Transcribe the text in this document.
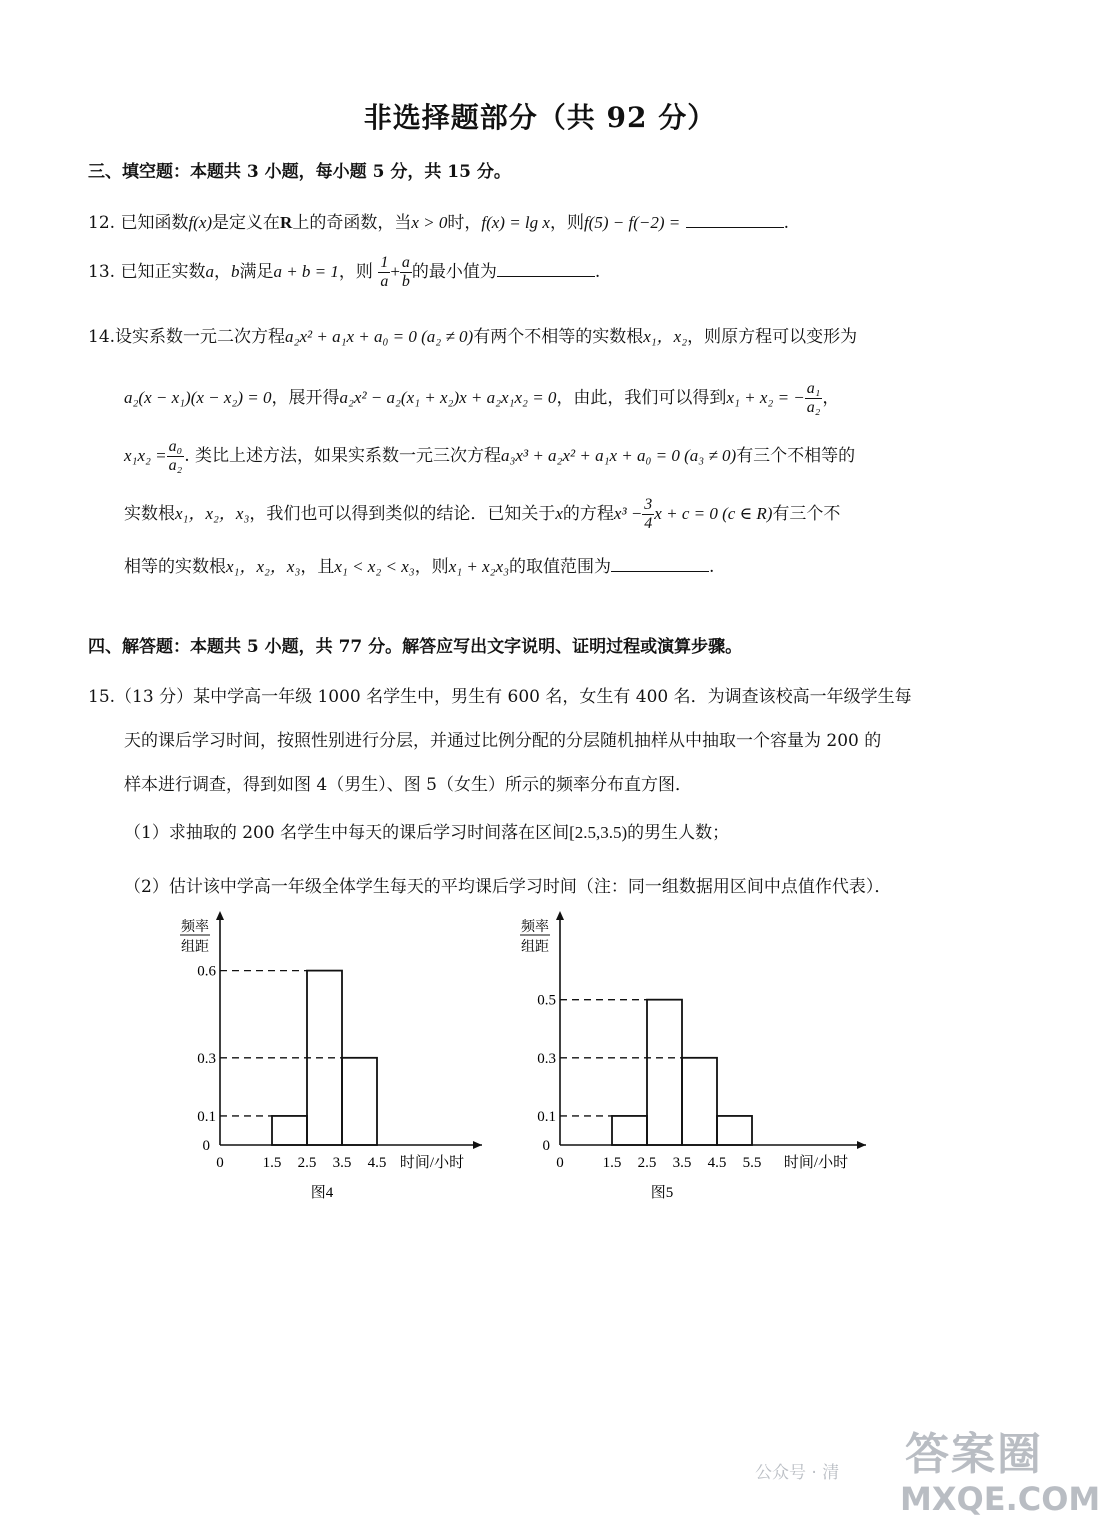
非选择题部分（共 92 分）
三、填空题：本题共 3 小题，每小题 5 分，共 15 分。
12. 已知函数f(x)是定义在R上的奇函数，当x > 0时，f(x) = lg x，则f(5) − f(−2) =	.
13. 已知正实数a，b满足a + b = 1，则 $\frac{1}{a} + \frac{a}{b}$ 的最小值为	.
14.设实系数一元二次方程a₂x² + a₁x + a₀ = 0 (a₂ ≠ 0)有两个不相等的实数根x₁，x₂，则原方程可以变形为
a₂(x − x₁)(x − x₂) = 0，展开得a₂x² − a₂(x₁ + x₂)x + a₂x₁x₂ = 0，由此，我们可以得到x₁ + x₂ = − $\frac{\text{a₁}}{\text{a₂}}$ ，
$x_1x_2 = \frac{\text{a₀}}{\text{a₂}}$ . 类比上述方法，如果实系数一元三次方程a₃x³ + a₂x² + a₁x + a₀ = 0 (a₃ ≠ 0)有三个不相等的
实数根x₁，x₂，x₃，我们也可以得到类似的结论．已知关于x的方程$x^3 - \frac{3}{4}$ x + c = 0 (c ∈ R)有三个不
相等的实数根x₁，x₂，x₃，且x₁ < x₂ < x₃，则x₁ + x₂x₃的取值范围为	.
四、解答题：本题共 5 小题，共 77 分。解答应写出文字说明、证明过程或演算步骤。
15.（13 分）某中学高一年级 1000 名学生中，男生有 600 名，女生有 400 名．为调查该校高一年级学生每
天的课后学习时间，按照性别进行分层，并通过比例分配的分层随机抽样从中抽取一个容量为 200 的
样本进行调查，得到如图 4（男生）、图 5（女生）所示的频率分布直方图．
（1）求抽取的 200 名学生中每天的课后学习时间落在区间[2.5,3.5)的男生人数；
（2）估计该中学高一年级全体学生每天的平均课后学习时间（注：同一组数据用区间中点值作代表）．
频率
组距
0.1
0.3
0.6
0
0	1.5 2.5 3.5 4.5 时间/小时
图4
频率
组距
0.1
0.3
0.5
0
0	1.5 2.5 3.5 4.5 5.5 时间/小时
图5
公众号 · 清 答案圈
MXQE.COM
